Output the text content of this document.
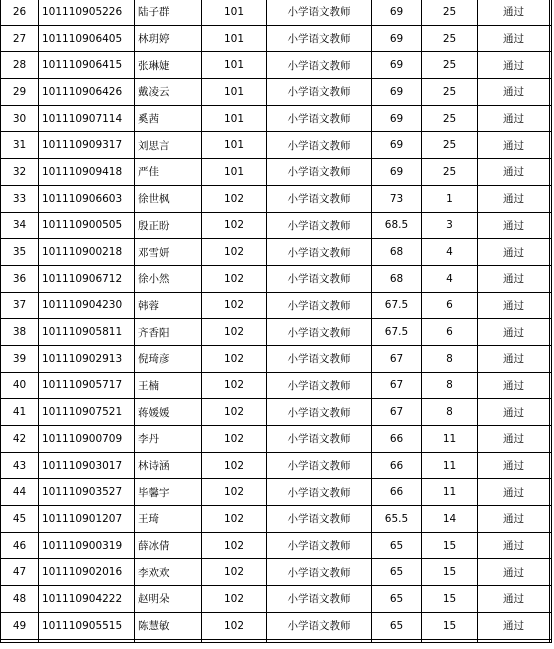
26	101110905226	陆子群	101	小学语文教师	69	25	通过	
27	101110906405	林玥婷	101	小学语文教师	69	25	通过	
28	101110906415	张琳婕	101	小学语文教师	69	25	通过	
29	101110906426	戴凌云	101	小学语文教师	69	25	通过	
30	101110907114	奚茜	101	小学语文教师	69	25	通过	
31	101110909317	刘思言	101	小学语文教师	69	25	通过	
32	101110909418	严佳	101	小学语文教师	69	25	通过	
33	101110906603	徐世枫	102	小学语文教师	73	1	通过	
34	101110900505	殷正盼	102	小学语文教师	68.5	3	通过	
35	101110900218	邓雪妍	102	小学语文教师	68	4	通过	
36	101110906712	徐小然	102	小学语文教师	68	4	通过	
37	101110904230	韩蓉	102	小学语文教师	67.5	6	通过	
38	101110905811	齐香阳	102	小学语文教师	67.5	6	通过	
39	101110902913	倪琦彦	102	小学语文教师	67	8	通过	
40	101110905717	王楠	102	小学语文教师	67	8	通过	
41	101110907521	蒋媛媛	102	小学语文教师	67	8	通过	
42	101110900709	李丹	102	小学语文教师	66	11	通过	
43	101110903017	林诗涵	102	小学语文教师	66	11	通过	
44	101110903527	毕馨宇	102	小学语文教师	66	11	通过	
45	101110901207	王琦	102	小学语文教师	65.5	14	通过	
46	101110900319	薛冰倩	102	小学语文教师	65	15	通过	
47	101110902016	李欢欢	102	小学语文教师	65	15	通过	
48	101110904222	赵明朵	102	小学语文教师	65	15	通过	
49	101110905515	陈慧敏	102	小学语文教师	65	15	通过	
